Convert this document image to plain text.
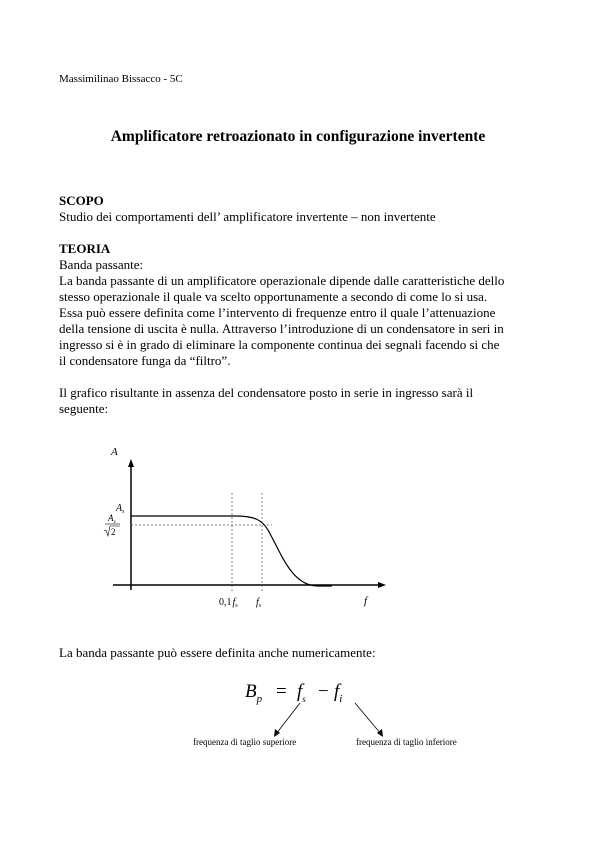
Massimilinao Bissacco - 5C
Amplificatore retroazionato in configurazione invertente
SCOPO
Studio dei comportamenti dell’ amplificatore invertente – non invertente
TEORIA
Banda passante:
La banda passante di un amplificatore operazionale dipende dalle caratteristiche dello
stesso operazionale il quale va scelto opportunamente a secondo di come lo si usa.
Essa può essere definita come l’intervento di frequenze entro il quale l’attenuazione
della tensione di uscita è nulla. Attraverso l’introduzione di un condensatore in seri in
ingresso si è in grado di eliminare la componente continua dei segnali facendo si che
il condensatore funga da “filtro”.
Il grafico risultante in assenza del condensatore posto in serie in ingresso sarà il
seguente:
A
f
$A_s$
$A_s$
2
$0,1f_s$ $f_s$
La banda passante può essere definita anche numericamente:
$B_p = f_s - f_i$
frequenza di taglio superiore	frequenza di taglio inferiore
